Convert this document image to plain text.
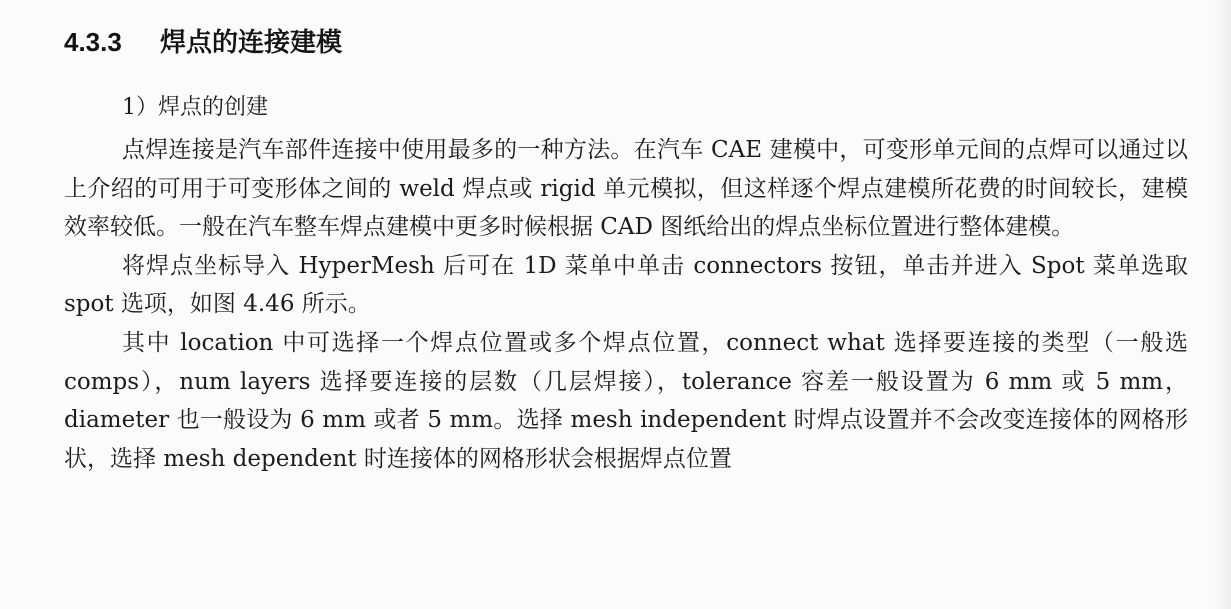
4.3.3 焊点的连接建模
1）焊点的创建

点焊连接是汽车部件连接中使用最多的一种方法。在汽车 CAE 建模中，可变形单元间的点焊可以通过以上介绍的可用于可变形体之间的 weld 焊点或 rigid 单元模拟，但这样逐个焊点建模所花费的时间较长，建模效率较低。一般在汽车整车焊点建模中更多时候根据 CAD 图纸给出的焊点坐标位置进行整体建模。

将焊点坐标导入 HyperMesh 后可在 1D 菜单中单击 connectors 按钮，单击并进入 Spot 菜单选取 spot 选项，如图 4.46 所示。

其中 location 中可选择一个焊点位置或多个焊点位置，connect what 选择要连接的类型（一般选 comps），num layers 选择要连接的层数（几层焊接），tolerance 容差一般设置为 6 mm 或 5 mm，diameter 也一般设为 6 mm 或者 5 mm。选择 mesh independent 时焊点设置并不会改变连接体的网格形状，选择 mesh dependent 时连接体的网格形状会根据焊点位置
